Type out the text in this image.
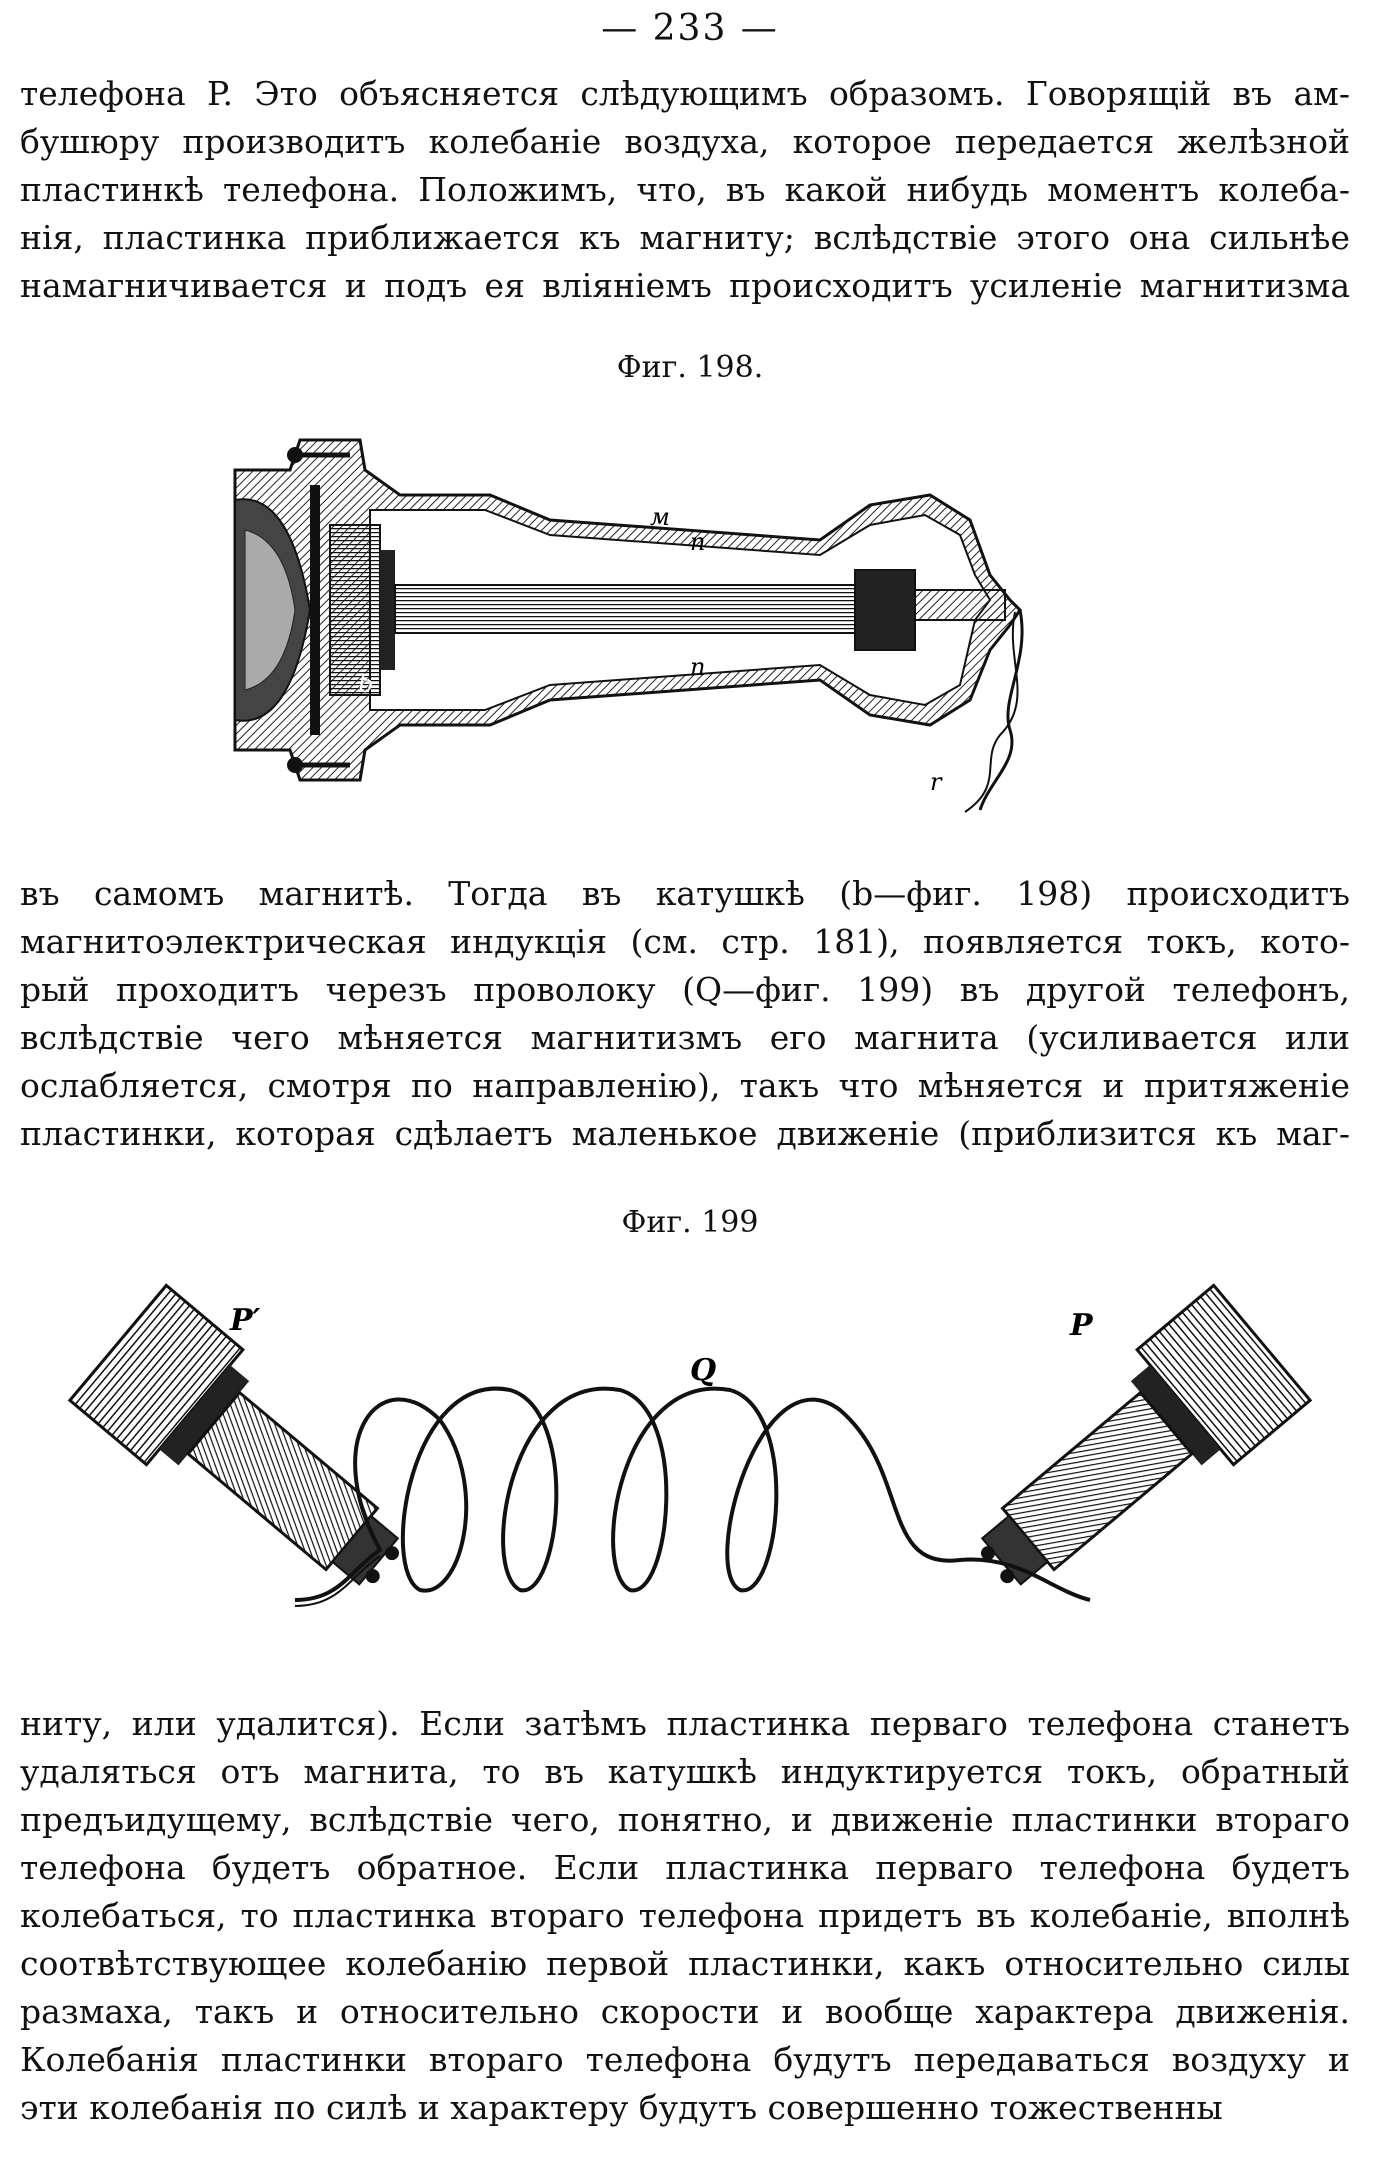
— 233 —
телефона P. Это объясняется слѣдующимъ образомъ. Говорящій въ ам-
бушюру производитъ колебаніе воздуха, которое передается желѣзной
пластинкѣ телефона. Положимъ, что, въ какой нибудь моментъ колеба-
нія, пластинка приближается къ магниту; вслѣдствіе этого она сильнѣе
намагничивается и подъ ея вліяніемъ происходитъ усиленіе магнитизма
Фиг. 198.
м
n
n
b
r
въ самомъ магнитѣ. Тогда въ катушкѣ (b—фиг. 198) происходитъ
магнитоэлектрическая индукція (см. стр. 181), появляется токъ, кото-
рый проходитъ черезъ проволоку (Q—фиг. 199) въ другой телефонъ,
вслѣдствіе чего мѣняется магнитизмъ его магнита (усиливается или
ослабляется, смотря по направленію), такъ что мѣняется и притяженіе
пластинки, которая сдѣлаетъ маленькое движеніе (приблизится къ маг-
Фиг. 199
P′
Q
P
ниту, или удалится). Если затѣмъ пластинка перваго телефона станетъ
удаляться отъ магнита, то въ катушкѣ индуктируется токъ, обратный
предъидущему, вслѣдствіе чего, понятно, и движеніе пластинки втораго
телефона будетъ обратное. Если пластинка перваго телефона будетъ
колебаться, то пластинка втораго телефона придетъ въ колебаніе, вполнѣ
соотвѣтствующее колебанію первой пластинки, какъ относительно силы
размаха, такъ и относительно скорости и вообще характера движенія.
Колебанія пластинки втораго телефона будутъ передаваться воздуху и
эти колебанія по силѣ и характеру будутъ совершенно тожественны
